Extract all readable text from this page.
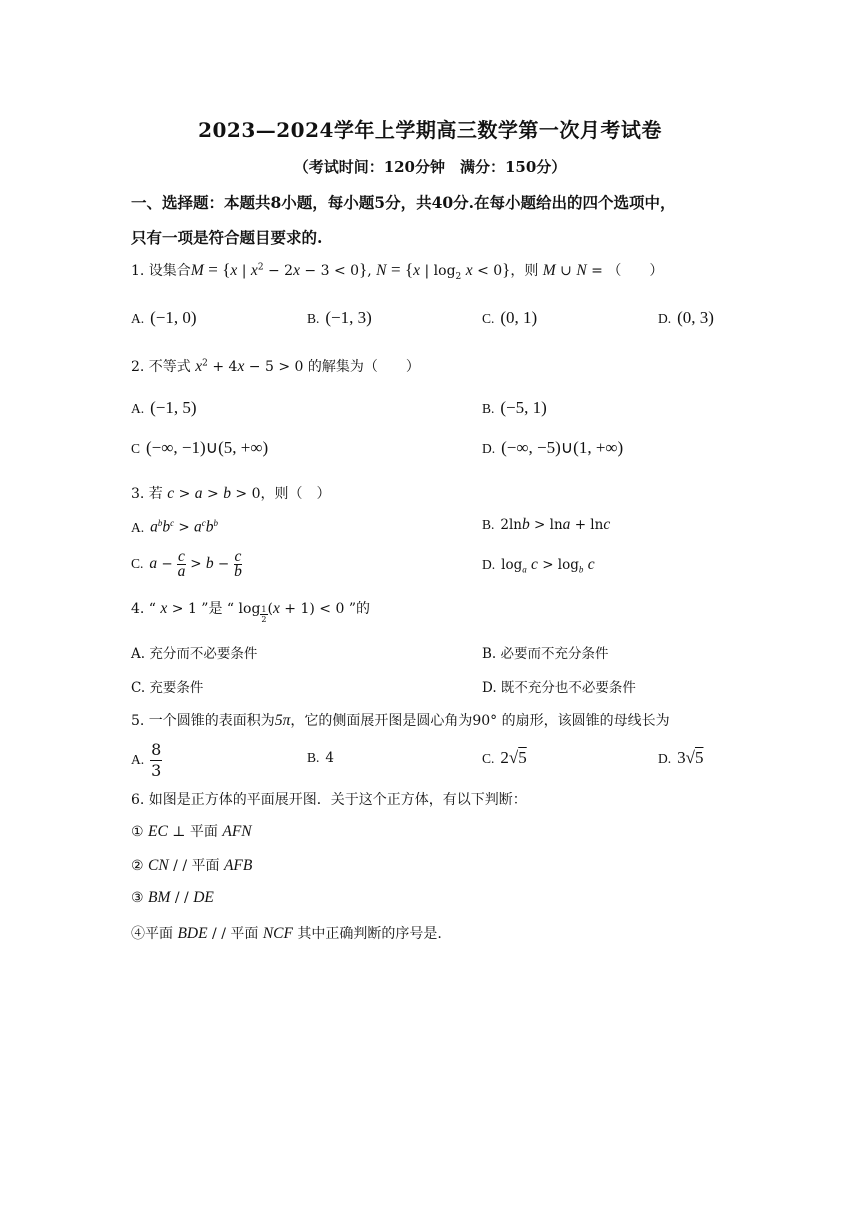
2023—2024学年上学期高三数学第一次月考试卷
（考试时间：120分钟　满分：150分）
一、选择题：本题共8小题，每小题5分，共40分.在每小题给出的四个选项中，
只有一项是符合题目要求的.
1. 设集合M = {x | $x^2 - 2x - 3 < 0$}, N = {x | $\log_2 x < 0$}，则 M ∪ N = （　　）
A. (−1, 0)	B. (−1, 3)	C. (0, 1)	D. (0, 3)
2. 不等式 $x^2 + 4x - 5 > 0$ 的解集为（　　）
A. (−1, 5)	B. (−5, 1)
C (−∞, −1)∪(5, +∞)	D. (−∞, −5)∪(1, +∞)
3. 若 c > a > b > 0，则（　）
A. $a^bb^c > a^cb^b$	B. 2lnb > lna + lnc
C. $a - \frac{c}{a} > b - \frac{c}{b}$	D. $\log_a c > \log_b c$
4. “ x > 1 ”是 “ log $_{\frac{1}{2}}$ (x + 1) < 0 ”的
A. 充分而不必要条件	B. 必要而不充分条件
C. 充要条件	D. 既不充分也不必要条件
5. 一个圆锥的表面积为5π，它的侧面展开图是圆心角为90° 的扇形，该圆锥的母线长为
A. $\frac{8}{3}$	B. 4	C. 2√5	D. 3√5
6. 如图是正方体的平面展开图．关于这个正方体，有以下判断：
① EC ⊥ 平面 AFN
② CN / / 平面 AFB
③ BM / / DE
④平面 BDE / / 平面 NCF 其中正确判断的序号是.
